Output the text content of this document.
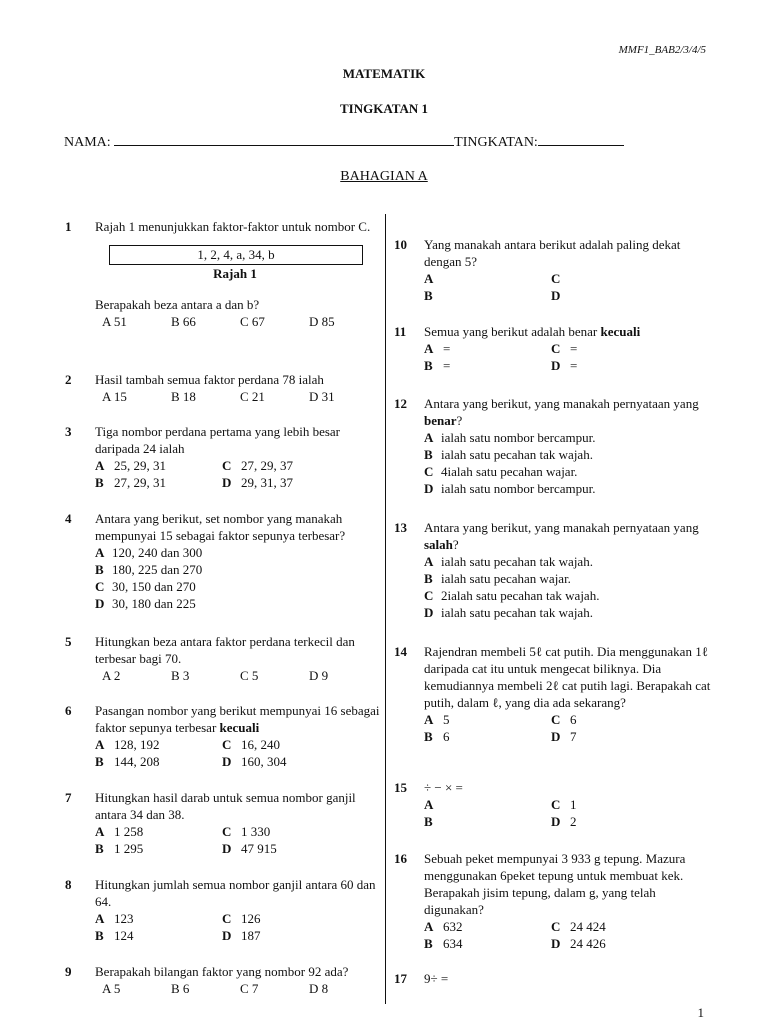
MMF1_BAB2/3/4/5
MATEMATIK
TINGKATAN 1
NAMA:	TINGKATAN:
BAHAGIAN A
1 Rajah 1 menunjukkan faktor-faktor untuk nombor C.

1, 2, 4, a, 34, b
Rajah 1

Berapakah beza antara a dan b?

A 51	B 66	C 67	D 85
2 Hasil tambah semua faktor perdana 78 ialah

A 15	B 18	C 21	D 31
3 Tiga nombor perdana pertama yang lebih besar daripada 24 ialah

A 25, 29, 31	C 27, 29, 37
B 27, 29, 31	D 29, 31, 37
4 Antara yang berikut, set nombor yang manakah mempunyai 15 sebagai faktor sepunya terbesar?

A 120, 240 dan 300
B 180, 225 dan 270
C 30, 150 dan 270
D 30, 180 dan 225
5 Hitungkan beza antara faktor perdana terkecil dan terbesar bagi 70.

A 2	B 3	C 5	D 9
6 Pasangan nombor yang berikut mempunyai 16 sebagai faktor sepunya terbesar kecuali

A 128, 192	C 16, 240
B 144, 208	D 160, 304
7 Hitungkan hasil darab untuk semua nombor ganjil antara 34 dan 38.

A 1 258	C 1 330
B 1 295	D 47 915
8 Hitungkan jumlah semua nombor ganjil antara 60 dan 64.

A 123	C 126
B 124	D 187
9 Berapakah bilangan faktor yang nombor 92 ada?

A 5	B 6	C 7	D 8
10 Yang manakah antara berikut adalah paling dekat dengan 5?

A	C
B	D
11 Semua yang berikut adalah benar kecuali

A =	C =
B =	D =
12 Antara yang berikut, yang manakah pernyataan yang benar?

A ialah satu nombor bercampur.
B ialah satu pecahan tak wajah.
C 4ialah satu pecahan wajar.
D ialah satu nombor bercampur.
13 Antara yang berikut, yang manakah pernyataan yang salah?

A ialah satu pecahan tak wajah.
B ialah satu pecahan wajar.
C 2ialah satu pecahan tak wajah.
D ialah satu pecahan tak wajah.
14 Rajendran membeli 5ℓ cat putih. Dia menggunakan 1ℓ daripada cat itu untuk mengecat biliknya. Dia kemudiannya membeli 2ℓ cat putih lagi. Berapakah cat putih, dalam ℓ, yang dia ada sekarang?

A 5	C 6
B 6	D 7
15 ÷ − × =

A	C 1
B	D 2
16 Sebuah peket mempunyai 3 933 g tepung. Mazura menggunakan 6peket tepung untuk membuat kek. Berapakah jisim tepung, dalam g, yang telah digunakan?

A 632	C 24 424
B 634	D 24 426
17 9÷ =

1
